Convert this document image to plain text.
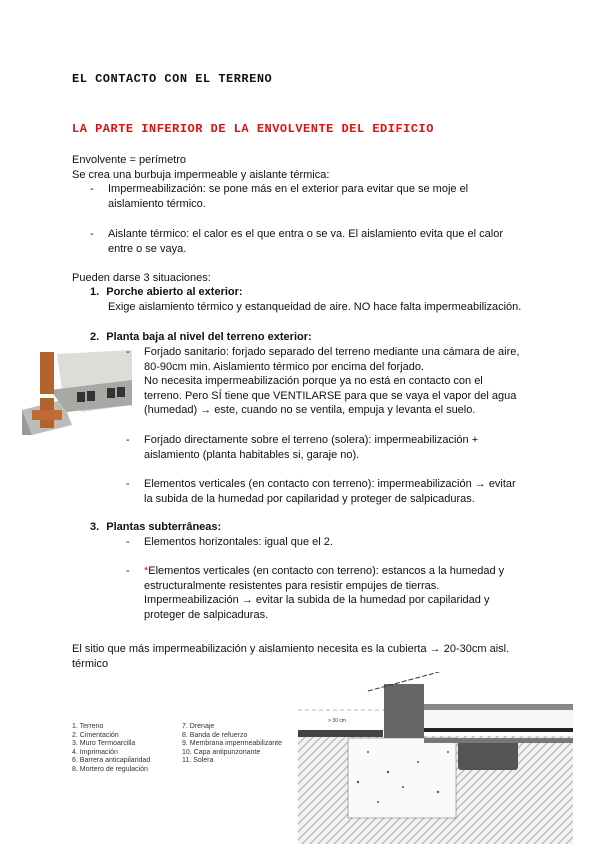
EL CONTACTO CON EL TERRENO
LA PARTE INFERIOR DE LA ENVOLVENTE DEL EDIFICIO
Envolvente = perímetro
Se crea una burbuja impermeable y aislante térmica:
- Impermeabilización: se pone más en el exterior para evitar que se moje el
aislamiento térmico.
- Aislante térmico: el calor es el que entra o se va. El aislamiento evita que el calor
entre o se vaya.
Pueden darse 3 situaciones:
1. Porche abierto al exterior:
Exige aislamiento térmico y estanqueidad de aire. NO hace falta impermeabilización.
2. Planta baja al nivel del terreno exterior:
- Forjado sanitario: forjado separado del terreno mediante una cámara de aire,
80-90cm min. Aislamiento térmico por encima del forjado.
No necesita impermeabilización porque ya no está en contacto con el
terreno. Pero SÍ tiene que VENTILARSE para que se vaya el vapor del agua
(humedad) → este, cuando no se ventila, empuja y levanta el suelo.
- Forjado directamente sobre el terreno (solera): impermeabilización +
aislamiento (planta habitables si, garaje no).
- Elementos verticales (en contacto con terreno): impermeabilización → evitar
la subida de la humedad por capilaridad y proteger de salpicaduras.
3. Plantas subterrâneas:
- Elementos horizontales: igual que el 2.
- *Elementos verticales (en contacto con terreno): estancos a la humedad y
estructuralmente resistentes para resistir empujes de tierras.
Impermeabilización → evitar la subida de la humedad por capilaridad y
proteger de salpicaduras.
El sitio que más impermeabilización y aislamiento necesita es la cubierta → 20-30cm aisl.
térmico
1. Terreno
2. Cimentación
3. Muro Termoarcilla
4. Imprimación
6. Barrera anticapilaridad
8. Mortero de regulación
7. Drenaje
8. Banda de refuerzo
9. Membrana impermeabilizante
10. Capa antipunzonante
11. Solera
> 30 cm
